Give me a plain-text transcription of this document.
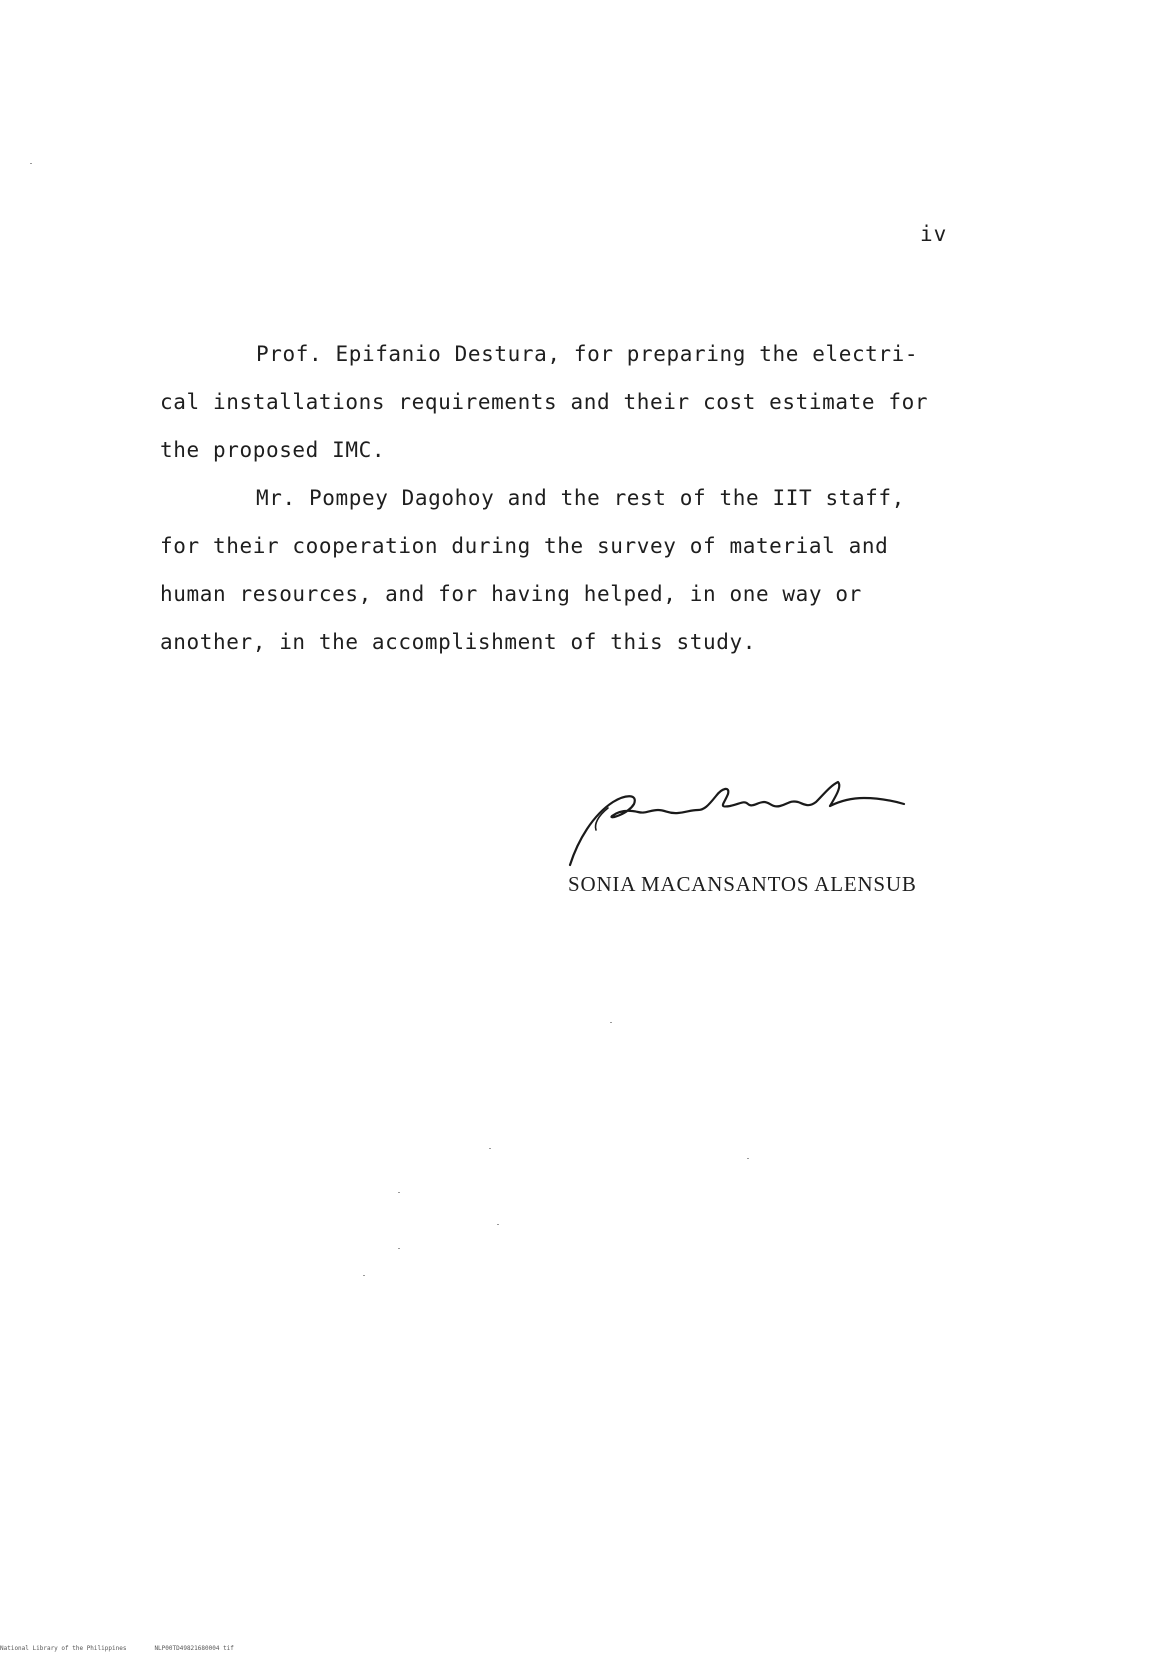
iv
Prof. Epifanio Destura, for preparing the electri-
cal installations requirements and their cost estimate for
the proposed IMC.
Mr. Pompey Dagohoy and the rest of the IIT staff,
for their cooperation during the survey of material and
human resources, and for having helped, in one way or
another, in the accomplishment of this study.
SONIA MACANSANTOS ALENSUB
National Library of the Philippines	NLP00TD49821680004 tif
